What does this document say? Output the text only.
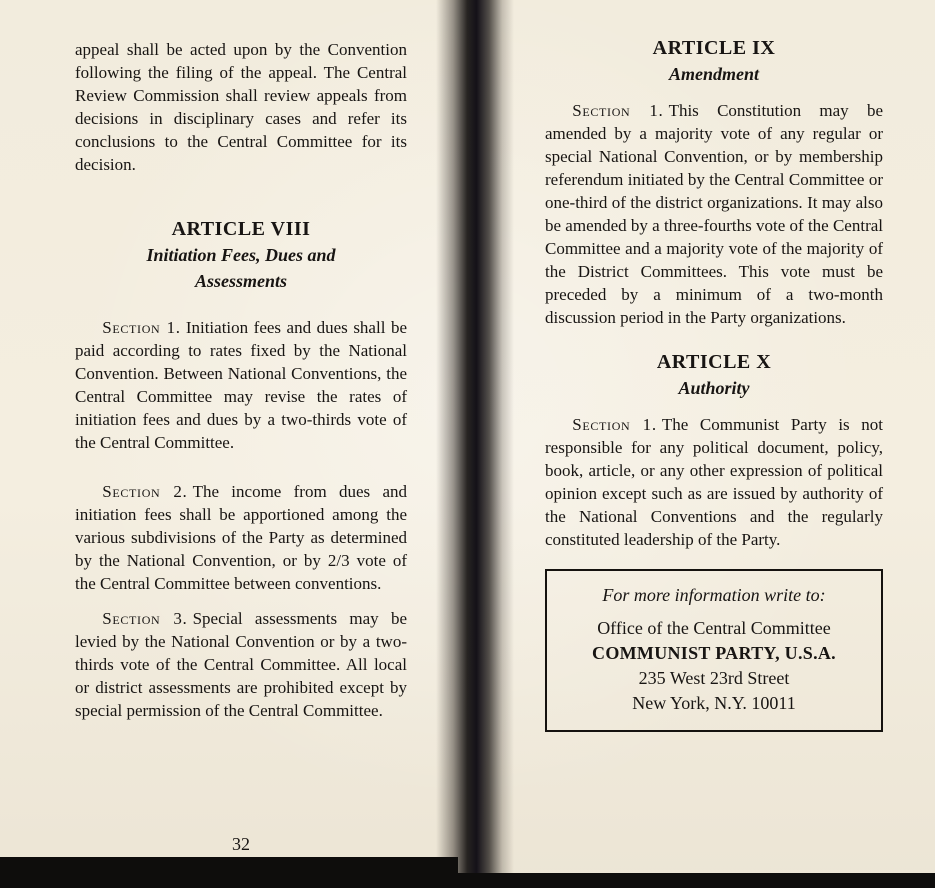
appeal shall be acted upon by the Convention following the filing of the appeal. The Central Review Commission shall review appeals from decisions in disciplinary cases and refer its conclusions to the Central Committee for its decision.

ARTICLE VIII
Initiation Fees, Dues and Assessments

Section 1. Initiation fees and dues shall be paid according to rates fixed by the National Convention. Between National Conventions, the Central Committee may revise the rates of initiation fees and dues by a two-thirds vote of the Central Committee.

Section 2. The income from dues and initiation fees shall be apportioned among the various subdivisions of the Party as determined by the National Convention, or by 2/3 vote of the Central Committee between conventions.

Section 3. Special assessments may be levied by the National Convention or by a two-thirds vote of the Central Committee. All local or district assessments are prohibited except by special permission of the Central Committee.

32
ARTICLE IX
Amendment

Section 1. This Constitution may be amended by a majority vote of any regular or special National Convention, or by membership referendum initiated by the Central Committee or one-third of the district organizations. It may also be amended by a three-fourths vote of the Central Committee and a majority vote of the majority of the District Committees. This vote must be preceded by a minimum of a two-month discussion period in the Party organizations.

ARTICLE X
Authority

Section 1. The Communist Party is not responsible for any political document, policy, book, article, or any other expression of political opinion except such as are issued by authority of the National Conventions and the regularly constituted leadership of the Party.

For more information write to:
Office of the Central Committee
COMMUNIST PARTY, U.S.A.
235 West 23rd Street
New York, N.Y. 10011
